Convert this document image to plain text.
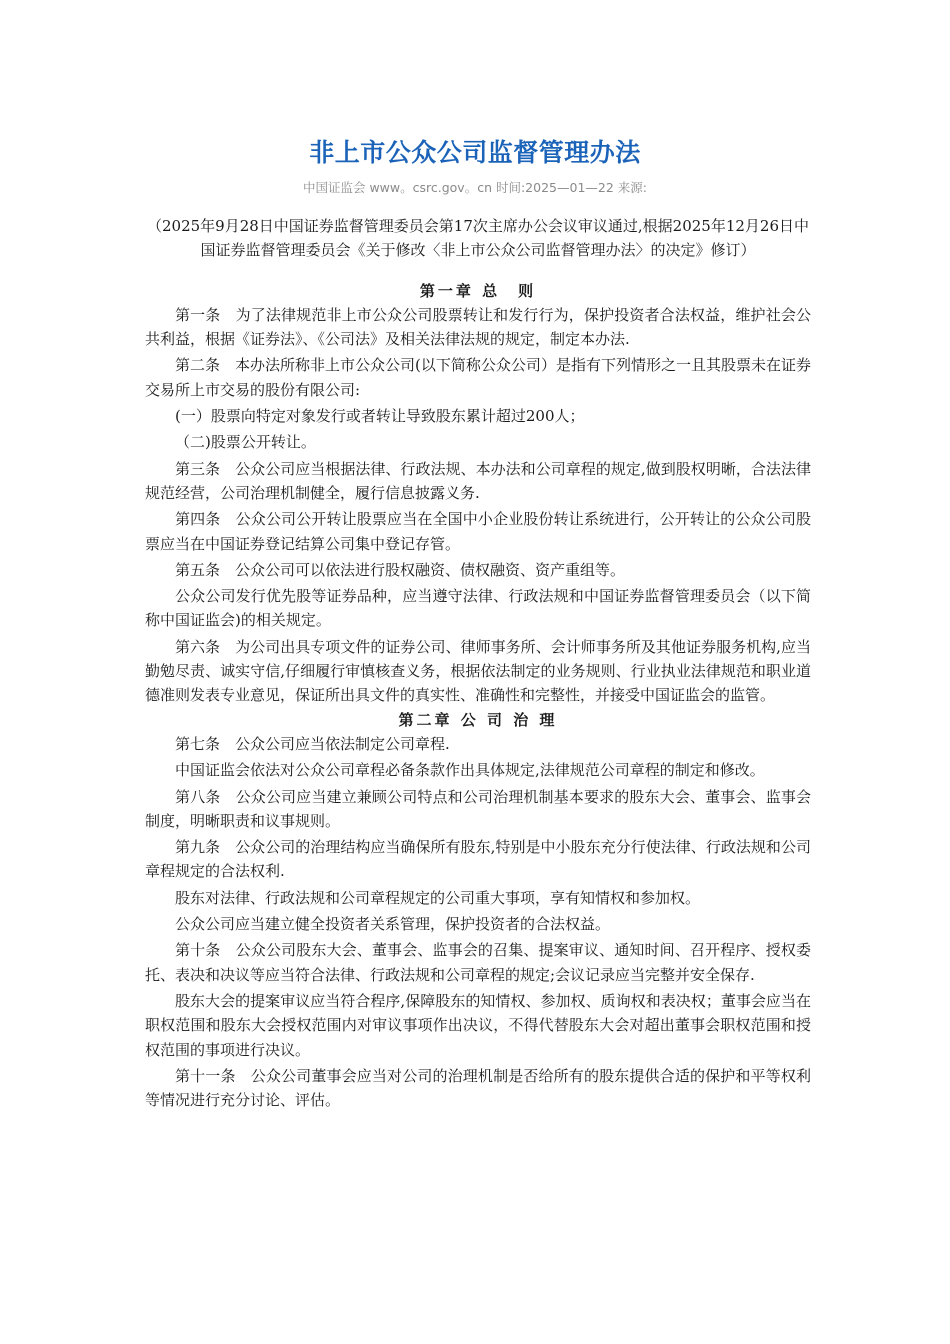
非上市公众公司监督管理办法
中国证监会 www。csrc.gov。cn 时间:2025—01—22 来源:

（2025年9月28日中国证券监督管理委员会第17次主席办公会议审议通过,根据2025年12月26日中国证券监督管理委员会《关于修改〈非上市公众公司监督管理办法〉的决定》修订）

第一章 总　则

第一条　为了法律规范非上市公众公司股票转让和发行行为，保护投资者合法权益，维护社会公共利益，根据《证券法》、《公司法》及相关法律法规的规定，制定本办法.

第二条　本办法所称非上市公众公司(以下简称公众公司）是指有下列情形之一且其股票未在证券交易所上市交易的股份有限公司:

(一）股票向特定对象发行或者转让导致股东累计超过200人；

（二)股票公开转让。

第三条　公众公司应当根据法律、行政法规、本办法和公司章程的规定,做到股权明晰，合法法律规范经营，公司治理机制健全，履行信息披露义务.

第四条　公众公司公开转让股票应当在全国中小企业股份转让系统进行，公开转让的公众公司股票应当在中国证券登记结算公司集中登记存管。

第五条　公众公司可以依法进行股权融资、债权融资、资产重组等。

公众公司发行优先股等证券品种，应当遵守法律、行政法规和中国证券监督管理委员会（以下简称中国证监会)的相关规定。

第六条　为公司出具专项文件的证券公司、律师事务所、会计师事务所及其他证券服务机构,应当勤勉尽责、诚实守信,仔细履行审慎核查义务，根据依法制定的业务规则、行业执业法律规范和职业道德准则发表专业意见，保证所出具文件的真实性、准确性和完整性，并接受中国证监会的监管。

第二章 公 司 治 理

第七条　公众公司应当依法制定公司章程.

中国证监会依法对公众公司章程必备条款作出具体规定,法律规范公司章程的制定和修改。

第八条　公众公司应当建立兼顾公司特点和公司治理机制基本要求的股东大会、董事会、监事会制度，明晰职责和议事规则。

第九条　公众公司的治理结构应当确保所有股东,特别是中小股东充分行使法律、行政法规和公司章程规定的合法权利.

股东对法律、行政法规和公司章程规定的公司重大事项，享有知情权和参加权。

公众公司应当建立健全投资者关系管理，保护投资者的合法权益。

第十条　公众公司股东大会、董事会、监事会的召集、提案审议、通知时间、召开程序、授权委托、表决和决议等应当符合法律、行政法规和公司章程的规定;会议记录应当完整并安全保存.

股东大会的提案审议应当符合程序,保障股东的知情权、参加权、质询权和表决权；董事会应当在职权范围和股东大会授权范围内对审议事项作出决议，不得代替股东大会对超出董事会职权范围和授权范围的事项进行决议。

第十一条　公众公司董事会应当对公司的治理机制是否给所有的股东提供合适的保护和平等权利等情况进行充分讨论、评估。
